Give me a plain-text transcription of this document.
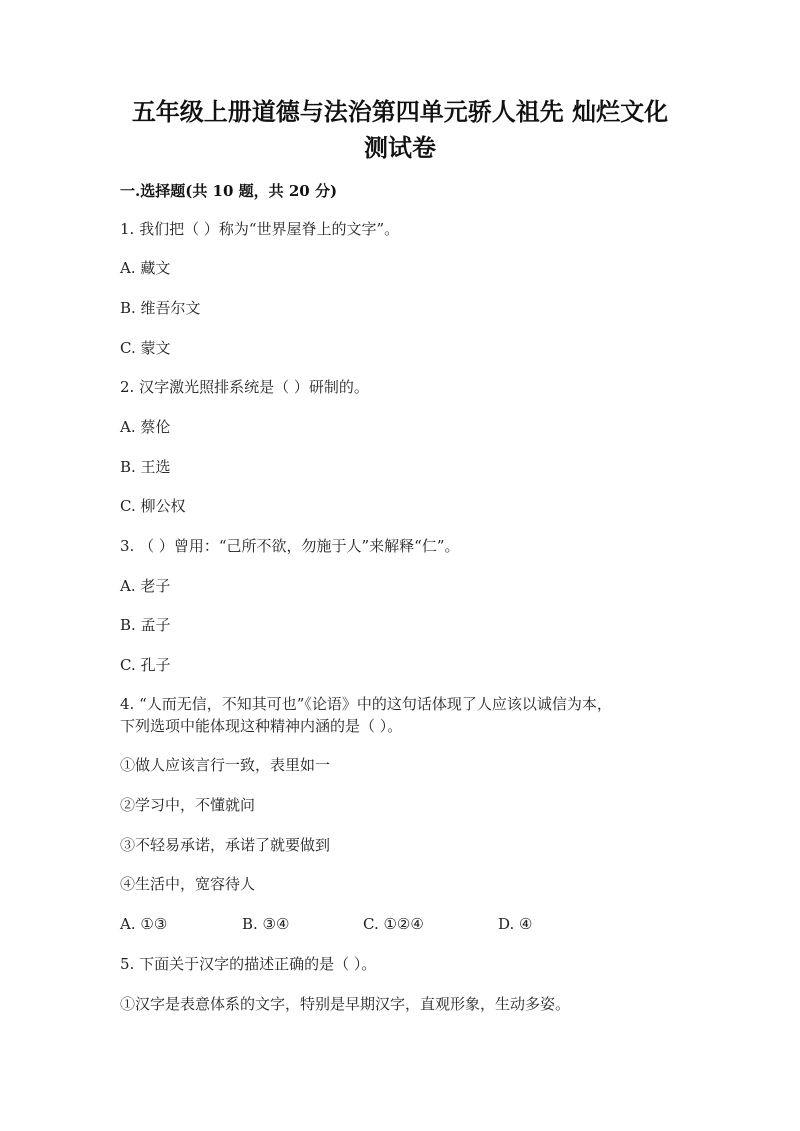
五年级上册道德与法治第四单元骄人祖先 灿烂文化
测试卷
一.选择题(共 10 题，共 20 分)
1. 我们把（ ）称为“世界屋脊上的文字”。
A. 藏文
B. 维吾尔文
C. 蒙文
2. 汉字激光照排系统是（ ）研制的。
A. 蔡伦
B. 王选
C. 柳公权
3. （ ）曾用：“己所不欲，勿施于人”来解释“仁”。
A. 老子
B. 孟子
C. 孔子
4. “人而无信，不知其可也”《论语》中的这句话体现了人应该以诚信为本，
下列选项中能体现这种精神内涵的是（ ）。
①做人应该言行一致，表里如一
②学习中，不懂就问
③不轻易承诺，承诺了就要做到
④生活中，宽容待人
A. ①③	B. ③④	C. ①②④	D. ④
5. 下面关于汉字的描述正确的是（ ）。
①汉字是表意体系的文字，特别是早期汉字，直观形象，生动多姿。
